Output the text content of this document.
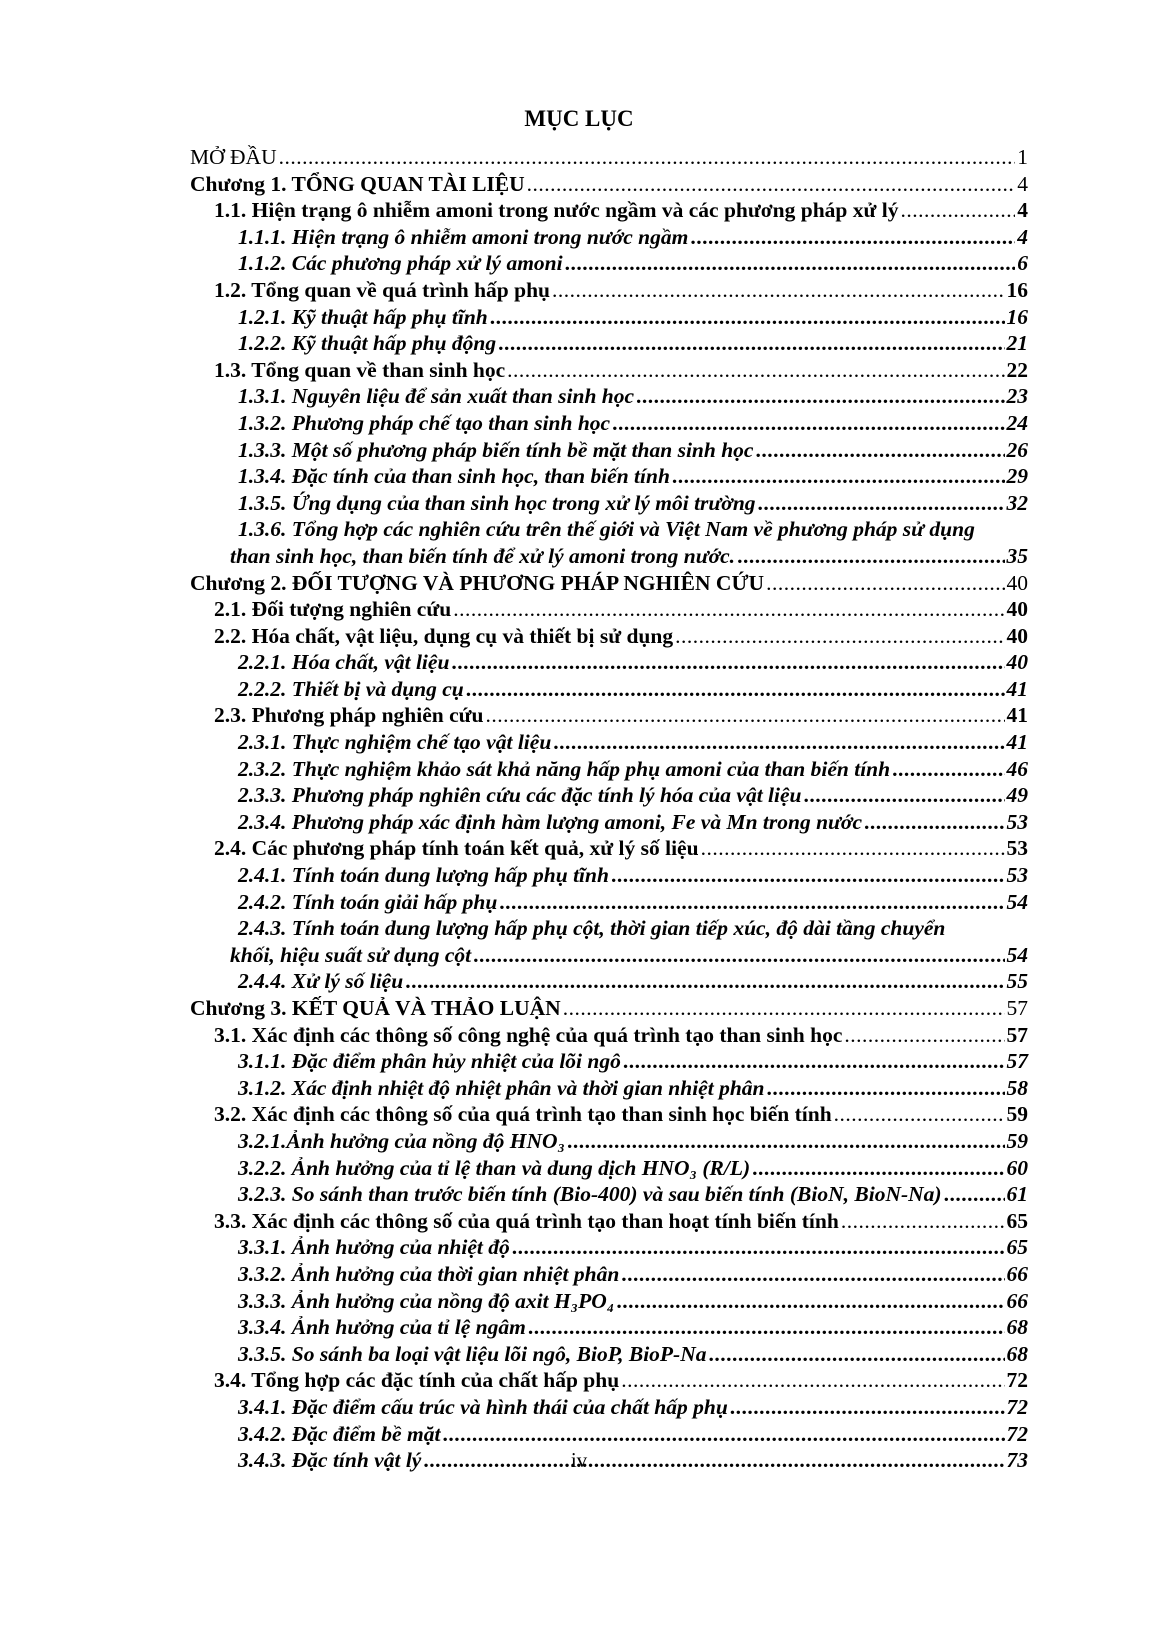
MỤC LỤC
MỞ ĐẦU .....	1
Chương 1. TỔNG QUAN TÀI LIỆU .....	4
1.1. Hiện trạng ô nhiễm amoni trong nước ngầm và các phương pháp xử lý .....	4
1.1.1. Hiện trạng ô nhiễm amoni trong nước ngầm .....	4
1.1.2. Các phương pháp xử lý amoni .....	6
1.2. Tổng quan về quá trình hấp phụ .....	16
1.2.1. Kỹ thuật hấp phụ tĩnh .....	16
1.2.2. Kỹ thuật hấp phụ động .....	21
1.3. Tổng quan về than sinh học .....	22
1.3.1. Nguyên liệu để sản xuất than sinh học .....	23
1.3.2. Phương pháp chế tạo than sinh học .....	24
1.3.3. Một số phương pháp biến tính bề mặt than sinh học .....	26
1.3.4. Đặc tính của than sinh học, than biến tính .....	29
1.3.5. Ứng dụng của than sinh học trong xử lý môi trường .....	32
1.3.6. Tổng hợp các nghiên cứu trên thế giới và Việt Nam về phương pháp sử dụng
than sinh học, than biến tính để xử lý amoni trong nước. .....	35
Chương 2. ĐỐI TƯỢNG VÀ PHƯƠNG PHÁP NGHIÊN CỨU .....	40
2.1. Đối tượng nghiên cứu .....	40
2.2. Hóa chất, vật liệu, dụng cụ và thiết bị sử dụng .....	40
2.2.1. Hóa chất, vật liệu .....	40
2.2.2. Thiết bị và dụng cụ .....	41
2.3. Phương pháp nghiên cứu .....	41
2.3.1. Thực nghiệm chế tạo vật liệu .....	41
2.3.2. Thực nghiệm khảo sát khả năng hấp phụ amoni của than biến tính .....	46
2.3.3. Phương pháp nghiên cứu các đặc tính lý hóa của vật liệu .....	49
2.3.4. Phương pháp xác định hàm lượng amoni, Fe và Mn trong nước .....	53
2.4. Các phương pháp tính toán kết quả, xử lý số liệu .....	53
2.4.1. Tính toán dung lượng hấp phụ tĩnh .....	53
2.4.2. Tính toán giải hấp phụ .....	54
2.4.3. Tính toán dung lượng hấp phụ cột, thời gian tiếp xúc, độ dài tầng chuyển
khối, hiệu suất sử dụng cột .....	54
2.4.4. Xử lý số liệu .....	55
Chương 3. KẾT QUẢ VÀ THẢO LUẬN .....	57
3.1. Xác định các thông số công nghệ của quá trình tạo than sinh học .....	57
3.1.1. Đặc điểm phân hủy nhiệt của lõi ngô .....	57
3.1.2. Xác định nhiệt độ nhiệt phân và thời gian nhiệt phân .....	58
3.2. Xác định các thông số của quá trình tạo than sinh học biến tính .....	59
3.2.1.Ảnh hưởng của nồng độ HNO₃ .....	59
3.2.2. Ảnh hưởng của tỉ lệ than và dung dịch HNO₃ (R/L) .....	60
3.2.3. So sánh than trước biến tính (Bio-400) và sau biến tính (BioN, BioN-Na) .....	61
3.3. Xác định các thông số của quá trình tạo than hoạt tính biến tính .....	65
3.3.1. Ảnh hưởng của nhiệt độ .....	65
3.3.2. Ảnh hưởng của thời gian nhiệt phân .....	66
3.3.3. Ảnh hưởng của nồng độ axit H₃PO₄ .....	66
3.3.4. Ảnh hưởng của tỉ lệ ngâm .....	68
3.3.5. So sánh ba loại vật liệu lõi ngô, BioP, BioP-Na .....	68
3.4. Tổng hợp các đặc tính của chất hấp phụ .....	72
3.4.1. Đặc điểm cấu trúc và hình thái của chất hấp phụ .....	72
3.4.2. Đặc điểm bề mặt .....	72
3.4.3. Đặc tính vật lý .....	73
iv
